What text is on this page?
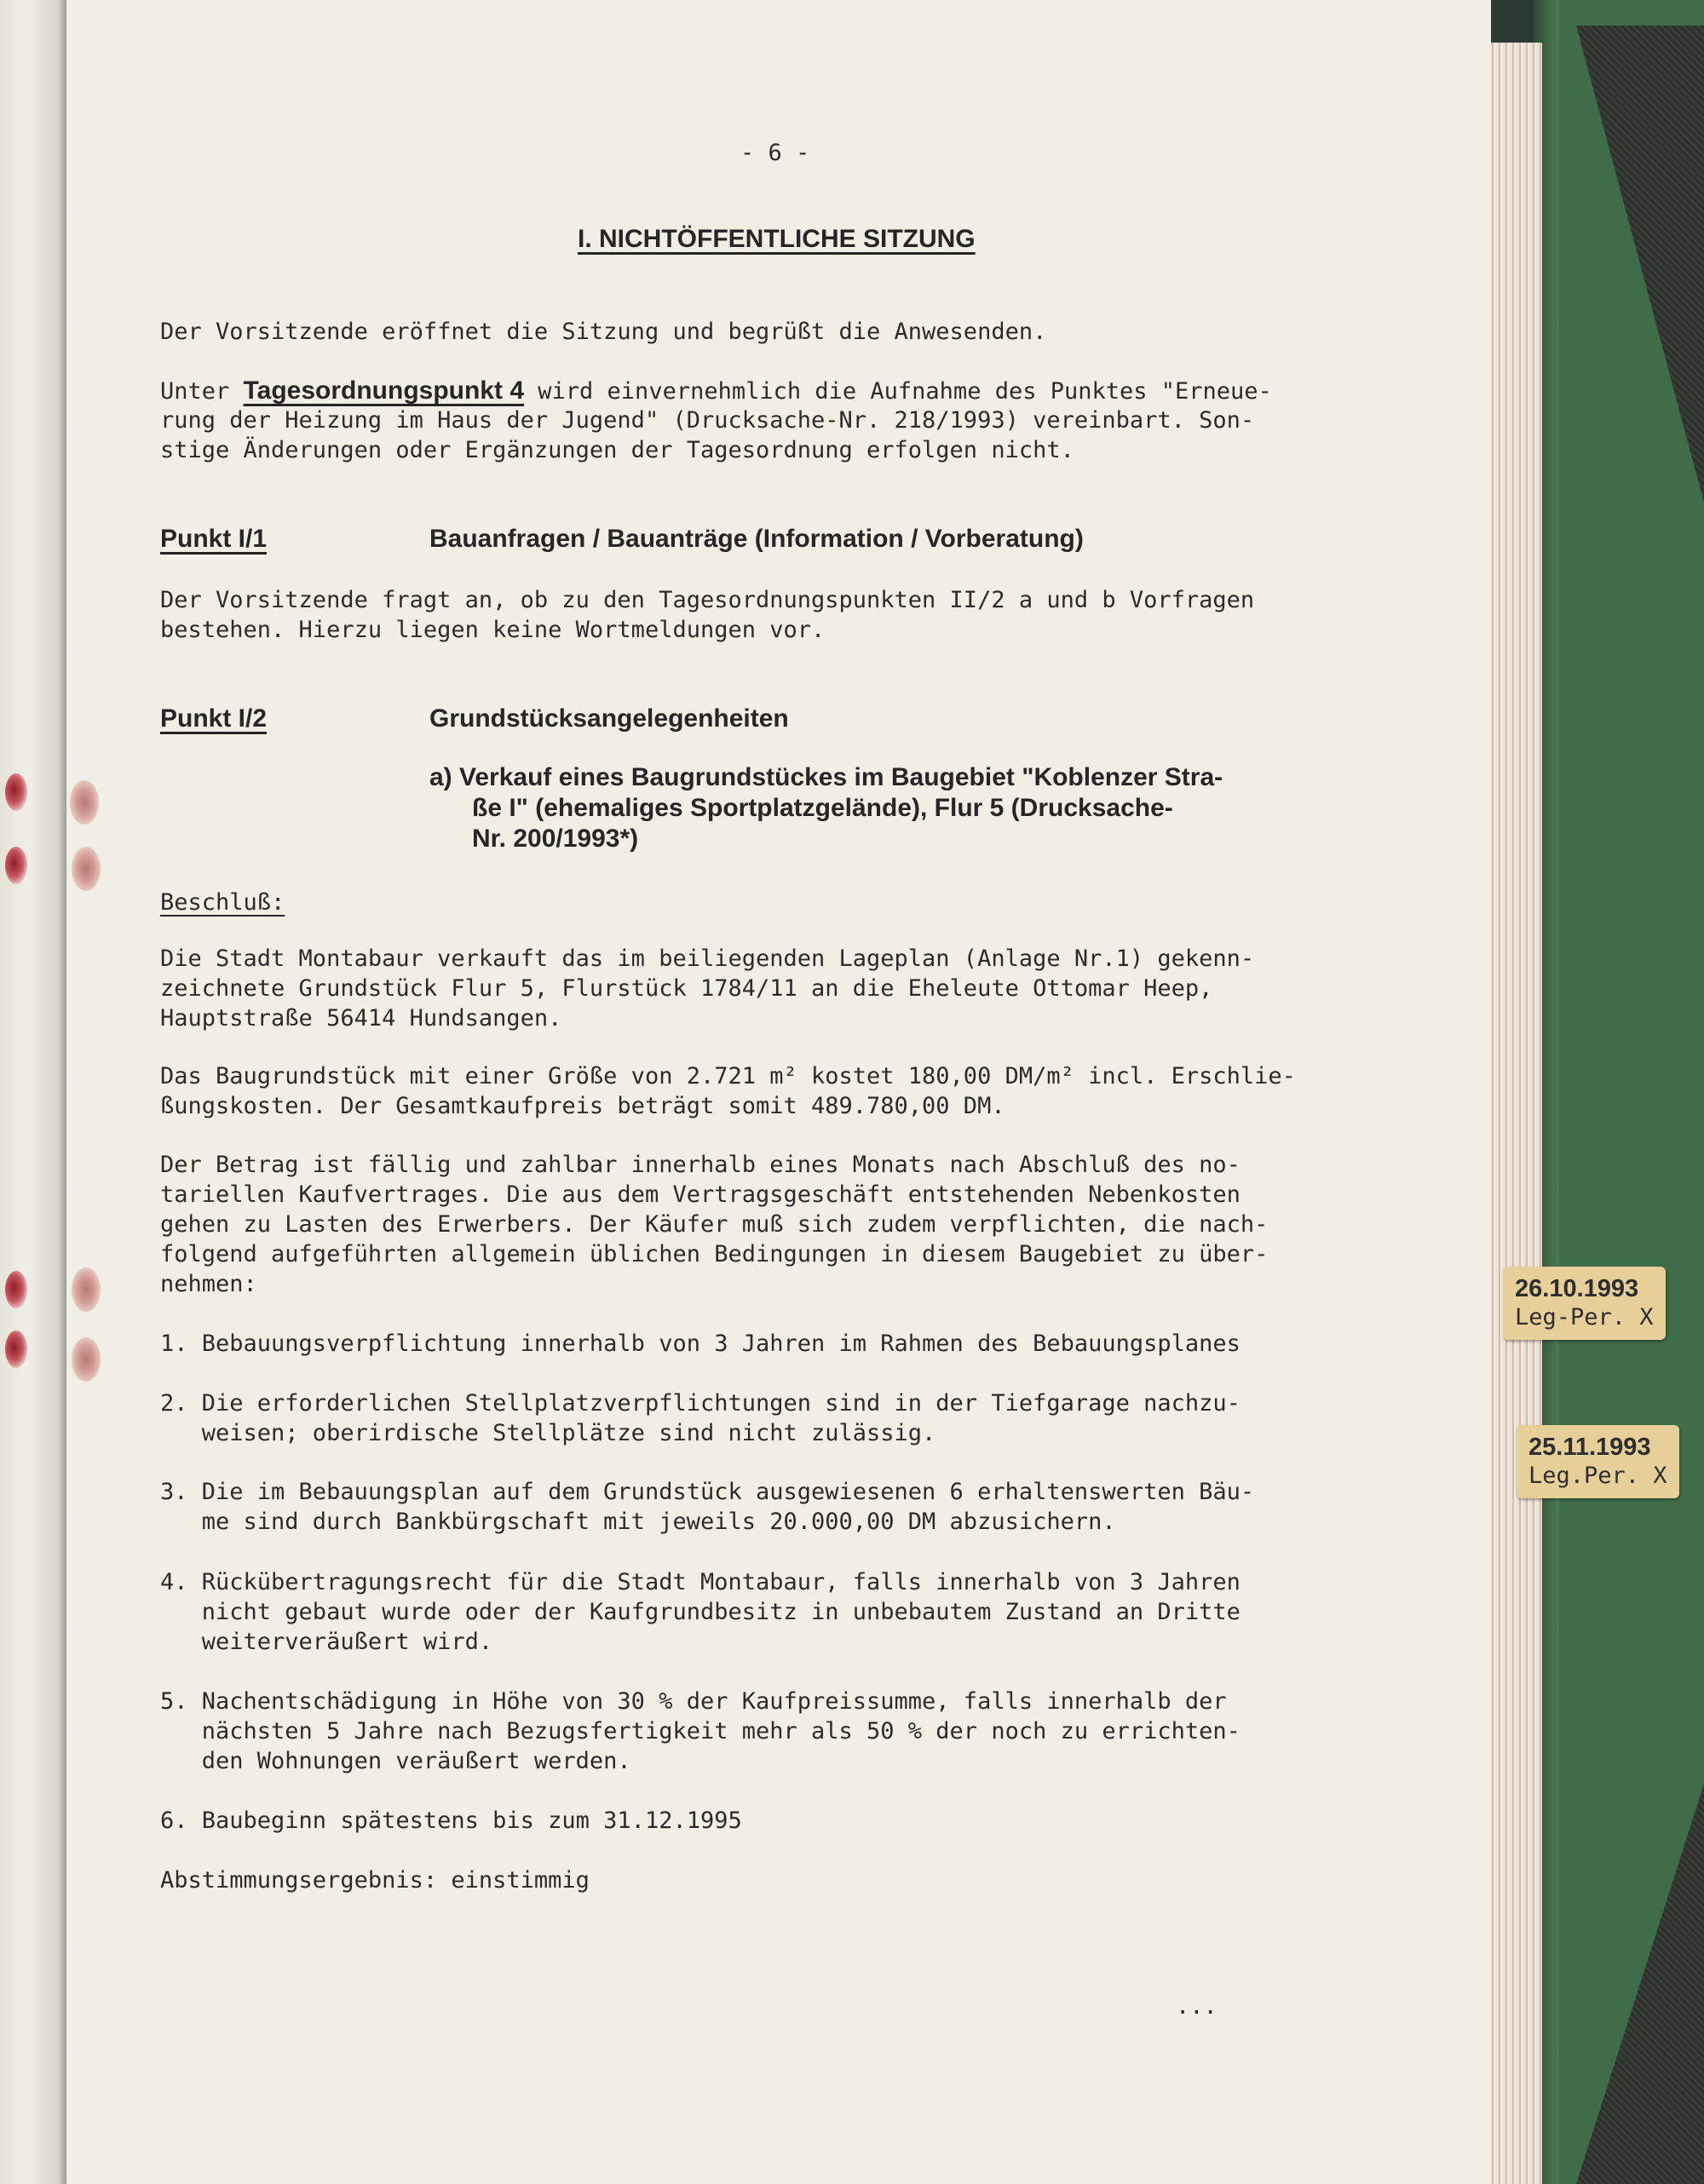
- 6 -

I. NICHTÖFFENTLICHE SITZUNG

Der Vorsitzende eröffnet die Sitzung und begrüßt die Anwesenden.

Unter Tagesordnungspunkt 4 wird einvernehmlich die Aufnahme des Punktes "Erneue-

rung der Heizung im Haus der Jugend" (Drucksache-Nr. 218/1993) vereinbart. Son-

stige Änderungen oder Ergänzungen der Tagesordnung erfolgen nicht.

Punkt I/1	Bauanfragen / Bauanträge (Information / Vorberatung)

Der Vorsitzende fragt an, ob zu den Tagesordnungspunkten II/2 a und b Vorfragen

bestehen. Hierzu liegen keine Wortmeldungen vor.

Punkt I/2	Grundstücksangelegenheiten

a) Verkauf eines Baugrundstückes im Baugebiet "Koblenzer Stra-

ße I" (ehemaliges Sportplatzgelände), Flur 5 (Drucksache-

Nr. 200/1993*)

Beschluß:

Die Stadt Montabaur verkauft das im beiliegenden Lageplan (Anlage Nr.1) gekenn-

zeichnete Grundstück Flur 5, Flurstück 1784/11 an die Eheleute Ottomar Heep,

Hauptstraße 56414 Hundsangen.

Das Baugrundstück mit einer Größe von 2.721 m² kostet 180,00 DM/m² incl. Erschlie-

ßungskosten. Der Gesamtkaufpreis beträgt somit 489.780,00 DM.

Der Betrag ist fällig und zahlbar innerhalb eines Monats nach Abschluß des no-

tariellen Kaufvertrages. Die aus dem Vertragsgeschäft entstehenden Nebenkosten

gehen zu Lasten des Erwerbers. Der Käufer muß sich zudem verpflichten, die nach-

folgend aufgeführten allgemein üblichen Bedingungen in diesem Baugebiet zu über-

nehmen:

1. Bebauungsverpflichtung innerhalb von 3 Jahren im Rahmen des Bebauungsplanes

2. Die erforderlichen Stellplatzverpflichtungen sind in der Tiefgarage nachzu-

weisen; oberirdische Stellplätze sind nicht zulässig.

3. Die im Bebauungsplan auf dem Grundstück ausgewiesenen 6 erhaltenswerten Bäu-

me sind durch Bankbürgschaft mit jeweils 20.000,00 DM abzusichern.

4. Rückübertragungsrecht für die Stadt Montabaur, falls innerhalb von 3 Jahren

nicht gebaut wurde oder der Kaufgrundbesitz in unbebautem Zustand an Dritte

weiterveräußert wird.

5. Nachentschädigung in Höhe von 30 % der Kaufpreissumme, falls innerhalb der

nächsten 5 Jahre nach Bezugsfertigkeit mehr als 50 % der noch zu errichten-

den Wohnungen veräußert werden.

6. Baubeginn spätestens bis zum 31.12.1995

Abstimmungsergebnis: einstimmig

...

26.10.1993
Leg-Per. X
25.11.1993
Leg.Per. X
